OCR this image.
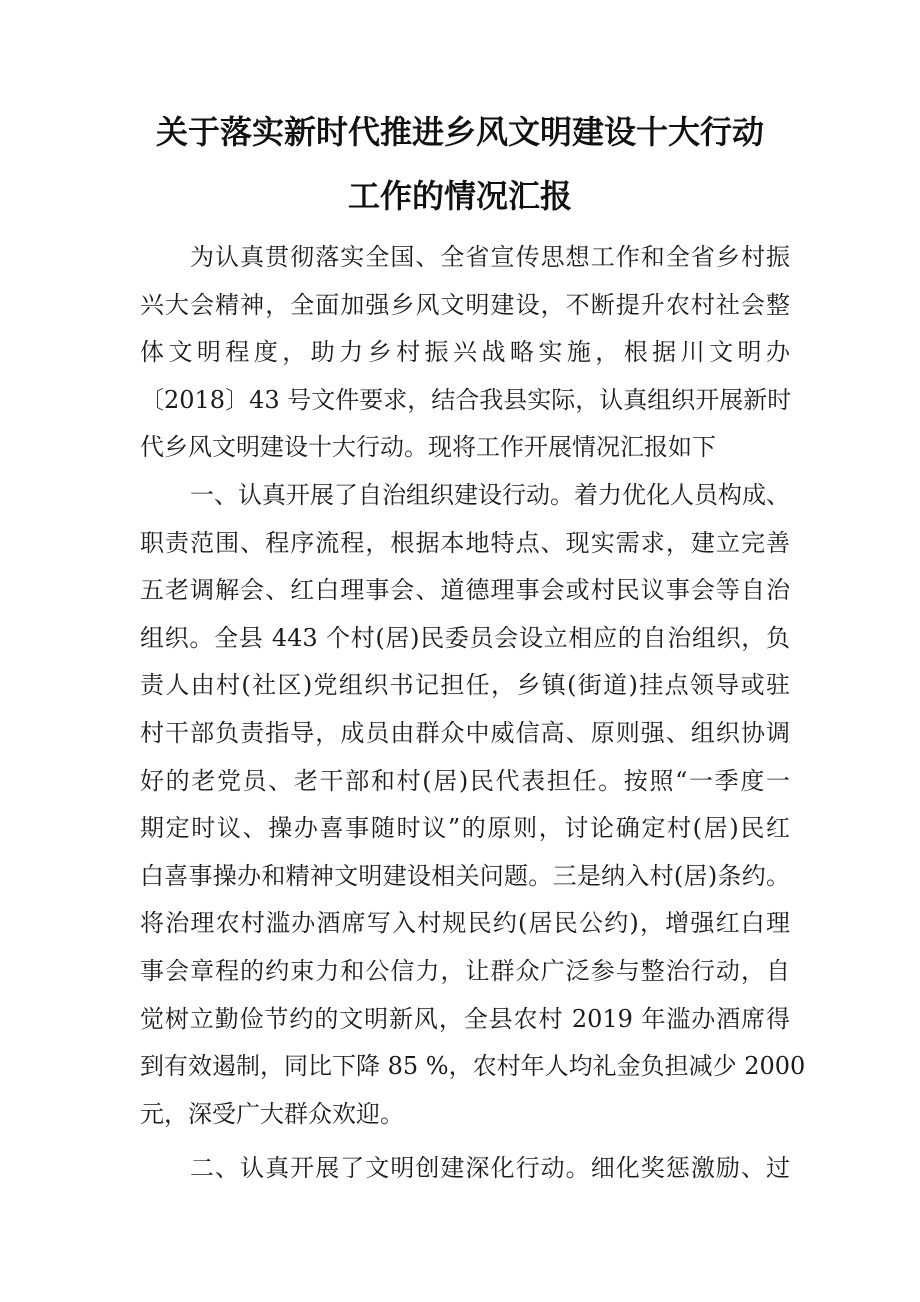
关于落实新时代推进乡风文明建设十大行动
工作的情况汇报
为认真贯彻落实全国、全省宣传思想工作和全省乡村振
兴大会精神，全面加强乡风文明建设，不断提升农村社会整
体文明程度，助力乡村振兴战略实施，根据川文明办
〔2018〕43 号文件要求，结合我县实际，认真组织开展新时
代乡风文明建设十大行动。现将工作开展情况汇报如下
一、认真开展了自治组织建设行动。着力优化人员构成、
职责范围、程序流程，根据本地特点、现实需求，建立完善
五老调解会、红白理事会、道德理事会或村民议事会等自治
组织。全县 443 个村(居)民委员会设立相应的自治组织，负
责人由村(社区)党组织书记担任，乡镇(街道)挂点领导或驻
村干部负责指导，成员由群众中威信高、原则强、组织协调
好的老党员、老干部和村(居)民代表担任。按照“一季度一
期定时议、操办喜事随时议”的原则，讨论确定村(居)民红
白喜事操办和精神文明建设相关问题。三是纳入村(居)条约。
将治理农村滥办酒席写入村规民约(居民公约)，增强红白理
事会章程的约束力和公信力，让群众广泛参与整治行动，自
觉树立勤俭节约的文明新风，全县农村 2019 年滥办酒席得
到有效遏制，同比下降 85 %，农村年人均礼金负担减少 2000
元，深受广大群众欢迎。
二、认真开展了文明创建深化行动。细化奖惩激励、过
